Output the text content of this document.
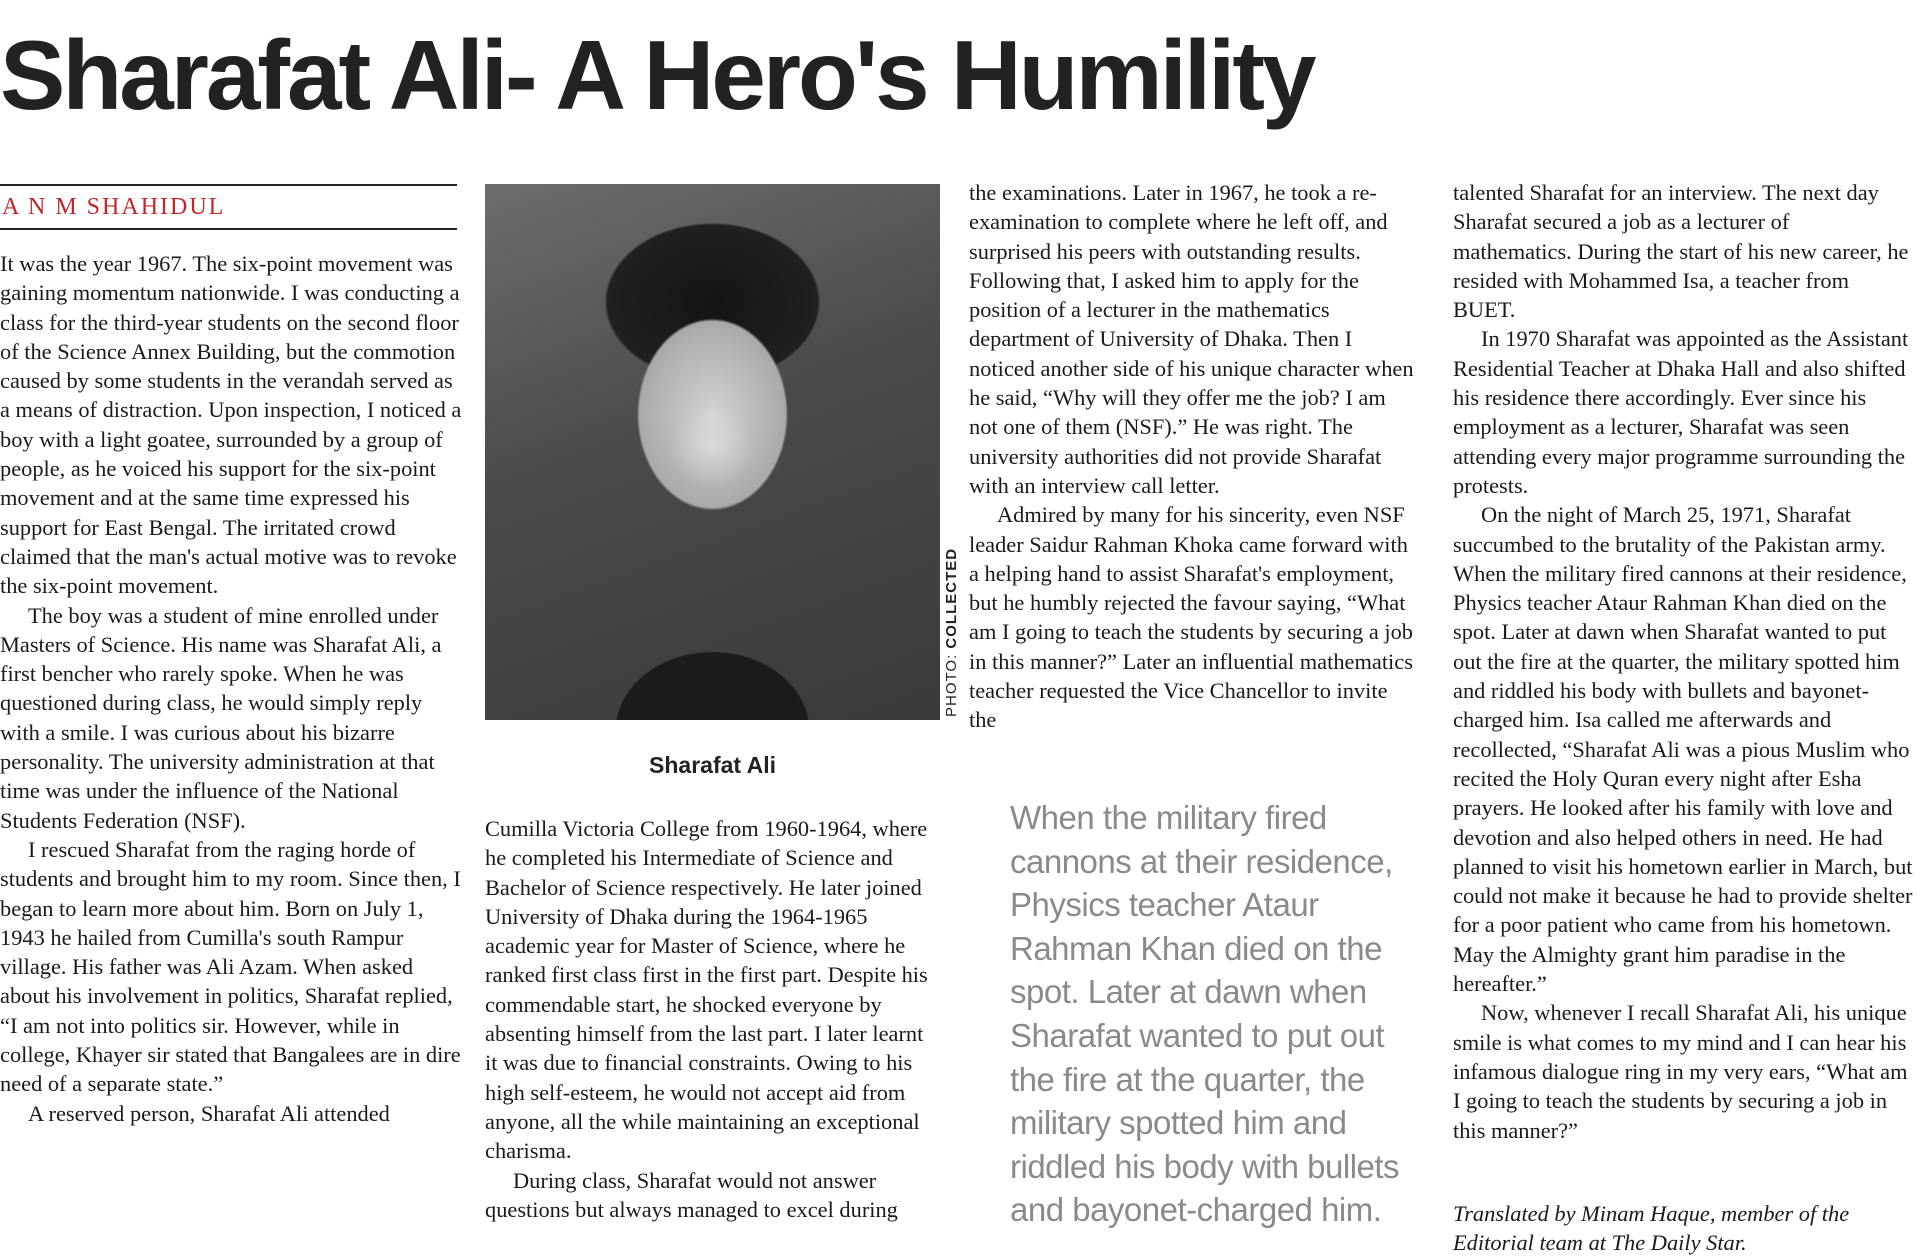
Sharafat Ali- A Hero's Humility
A N M SHAHIDUL

It was the year 1967. The six-point movement was gaining momentum nationwide. I was conducting a class for the third-year students on the second floor of the Science Annex Building, but the commotion caused by some students in the verandah served as a means of distraction. Upon inspection, I noticed a boy with a light goatee, surrounded by a group of people, as he voiced his support for the six-point movement and at the same time expressed his support for East Bengal. The irritated crowd claimed that the man's actual motive was to revoke the six-point movement.

The boy was a student of mine enrolled under Masters of Science. His name was Sharafat Ali, a first bencher who rarely spoke. When he was questioned during class, he would simply reply with a smile. I was curious about his bizarre personality. The university administration at that time was under the influence of the National Students Federation (NSF).

I rescued Sharafat from the raging horde of students and brought him to my room. Since then, I began to learn more about him. Born on July 1, 1943 he hailed from Cumilla's south Rampur village. His father was Ali Azam. When asked about his involvement in politics, Sharafat replied, “I am not into politics sir. However, while in college, Khayer sir stated that Bangalees are in dire need of a separate state.”

A reserved person, Sharafat Ali attended

PHOTO: COLLECTED
Sharafat Ali

Cumilla Victoria College from 1960-1964, where he completed his Intermediate of Science and Bachelor of Science respectively. He later joined University of Dhaka during the 1964-1965 academic year for Master of Science, where he ranked first class first in the first part. Despite his commendable start, he shocked everyone by absenting himself from the last part. I later learnt it was due to financial constraints. Owing to his high self-esteem, he would not accept aid from anyone, all the while maintaining an exceptional charisma.

During class, Sharafat would not answer questions but always managed to excel during

the examinations. Later in 1967, he took a re-examination to complete where he left off, and surprised his peers with outstanding results. Following that, I asked him to apply for the position of a lecturer in the mathematics department of University of Dhaka. Then I noticed another side of his unique character when he said, “Why will they offer me the job? I am not one of them (NSF).” He was right. The university authorities did not provide Sharafat with an interview call letter.

Admired by many for his sincerity, even NSF leader Saidur Rahman Khoka came forward with a helping hand to assist Sharafat's employment, but he humbly rejected the favour saying, “What am I going to teach the students by securing a job in this manner?” Later an influential mathematics teacher requested the Vice Chancellor to invite the

When the military fired cannons at their residence, Physics teacher Ataur Rahman Khan died on the spot. Later at dawn when Sharafat wanted to put out the fire at the quarter, the military spotted him and riddled his body with bullets and bayonet-charged him.

talented Sharafat for an interview. The next day Sharafat secured a job as a lecturer of mathematics. During the start of his new career, he resided with Mohammed Isa, a teacher from BUET.

In 1970 Sharafat was appointed as the Assistant Residential Teacher at Dhaka Hall and also shifted his residence there accordingly. Ever since his employment as a lecturer, Sharafat was seen attending every major programme surrounding the protests.

On the night of March 25, 1971, Sharafat succumbed to the brutality of the Pakistan army. When the military fired cannons at their residence, Physics teacher Ataur Rahman Khan died on the spot. Later at dawn when Sharafat wanted to put out the fire at the quarter, the military spotted him and riddled his body with bullets and bayonet-charged him. Isa called me afterwards and recollected, “Sharafat Ali was a pious Muslim who recited the Holy Quran every night after Esha prayers. He looked after his family with love and devotion and also helped others in need. He had planned to visit his hometown earlier in March, but could not make it because he had to provide shelter for a poor patient who came from his hometown. May the Almighty grant him paradise in the hereafter.”

Now, whenever I recall Sharafat Ali, his unique smile is what comes to my mind and I can hear his infamous dialogue ring in my very ears, “What am I going to teach the students by securing a job in this manner?”

Translated by Minam Haque, member of the Editorial team at The Daily Star.
